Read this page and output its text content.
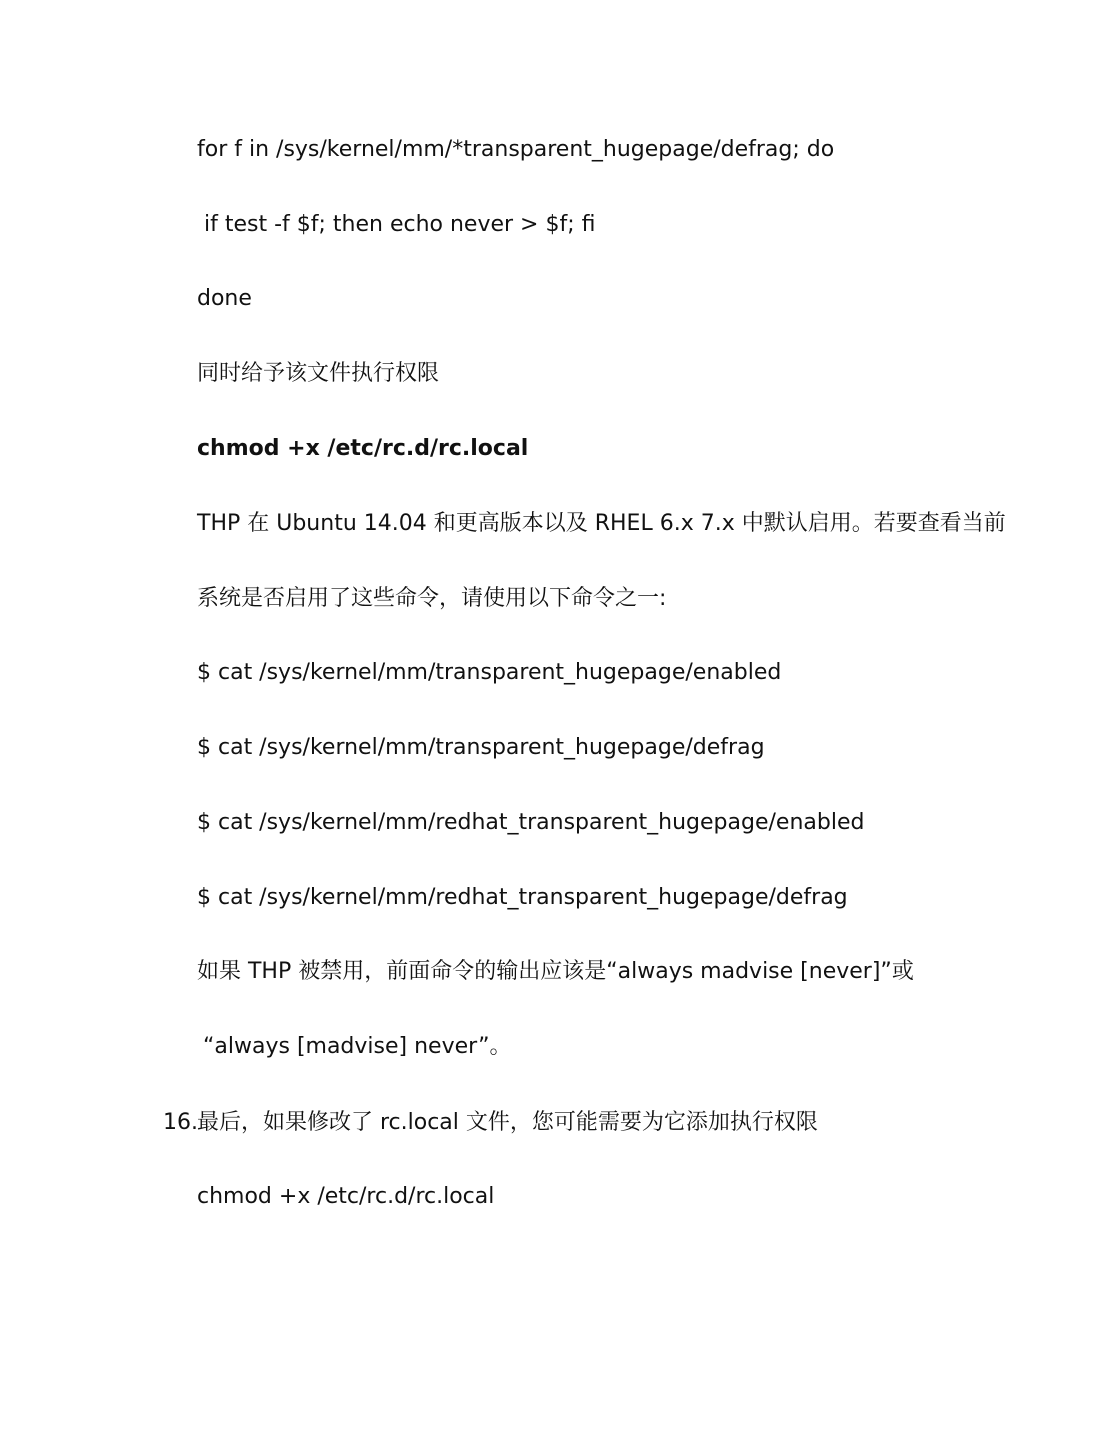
for f in /sys/kernel/mm/*transparent_hugepage/defrag; do
if test -f $f; then echo never > $f; fi
done
同时给予该文件执行权限
chmod +x /etc/rc.d/rc.local
THP 在 Ubuntu 14.04 和更高版本以及 RHEL 6.x 7.x 中默认启用。若要查看当前
系统是否启用了这些命令，请使用以下命令之一:
$ cat /sys/kernel/mm/transparent_hugepage/enabled
$ cat /sys/kernel/mm/transparent_hugepage/defrag
$ cat /sys/kernel/mm/redhat_transparent_hugepage/enabled
$ cat /sys/kernel/mm/redhat_transparent_hugepage/defrag
如果 THP 被禁用，前面命令的输出应该是“always madvise [never]”或
“always [madvise] never”。
16. 最后，如果修改了 rc.local 文件，您可能需要为它添加执行权限
chmod +x /etc/rc.d/rc.local
